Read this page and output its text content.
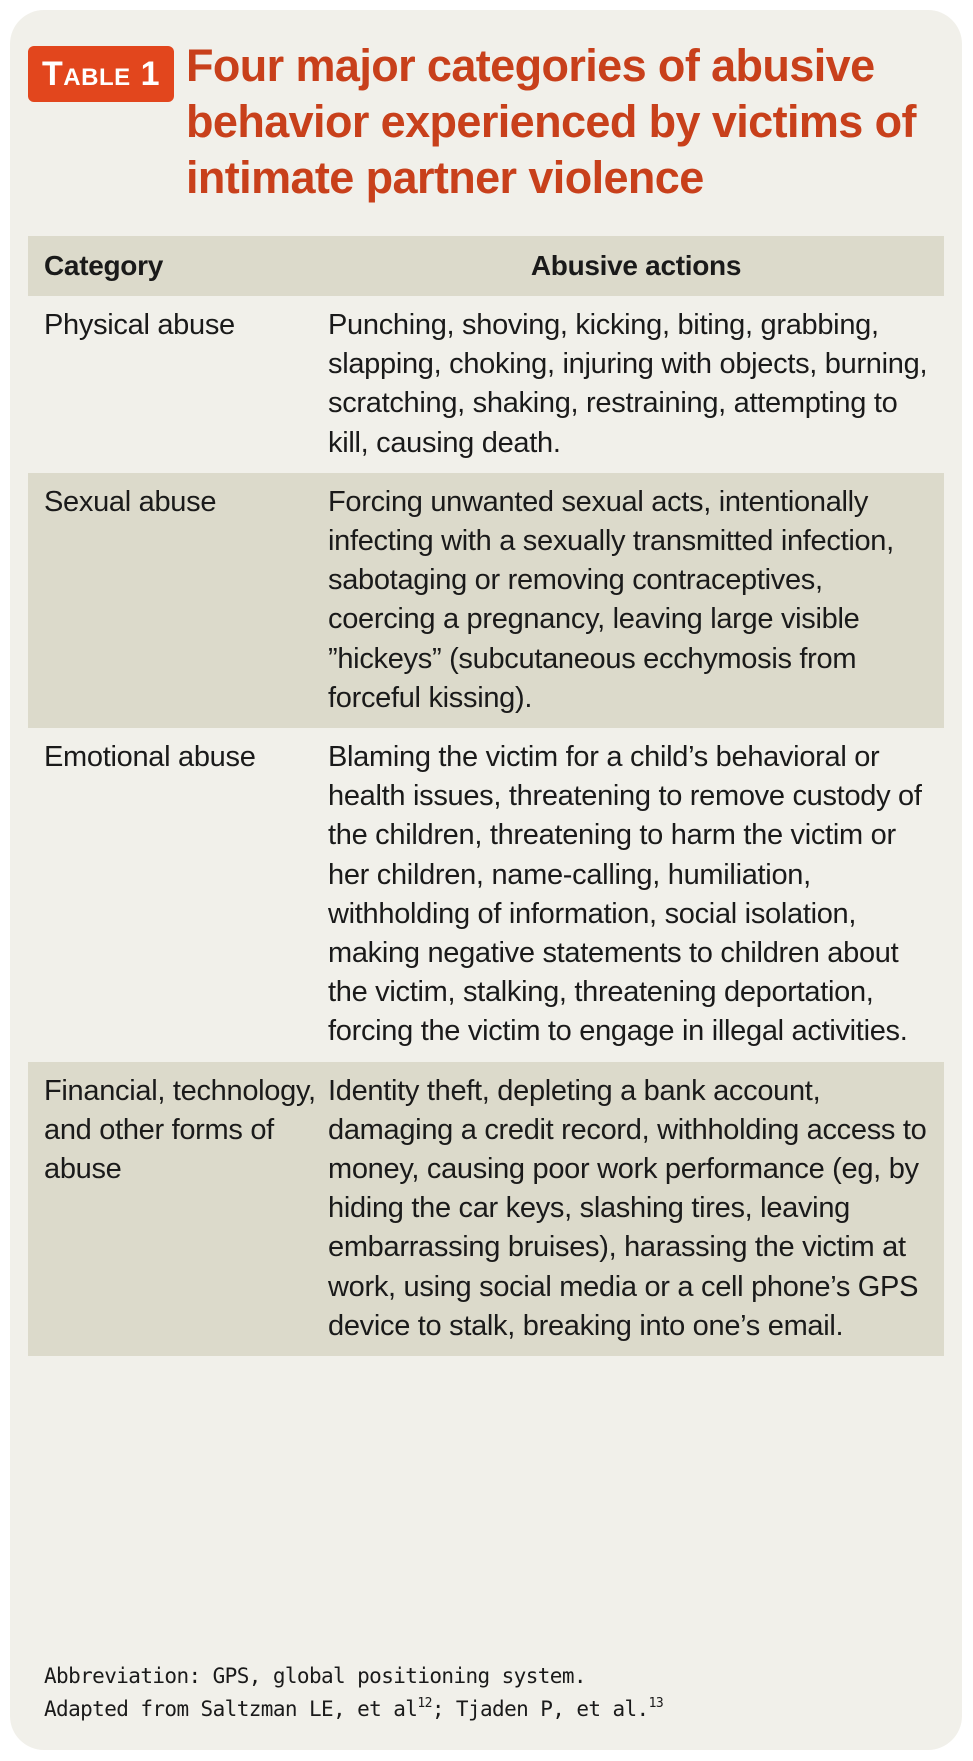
Table 1 Four major categories of abusive behavior experienced by victims of intimate partner violence
Category	Abusive actions
Physical abuse	Punching, shoving, kicking, biting, grabbing, slapping, choking, injuring with objects, burning, scratching, shaking, restraining, attempting to kill, causing death.
Sexual abuse	Forcing unwanted sexual acts, intentionally infecting with a sexually transmitted infection, sabotaging or removing contraceptives, coercing a pregnancy, leaving large visible ”hickeys” (subcutaneous ecchymosis from forceful kissing).
Emotional abuse	Blaming the victim for a child’s behavioral or health issues, threatening to remove custody of the children, threatening to harm the victim or her children, name-calling, humiliation, withholding of information, social isolation, making negative statements to children about the victim, stalking, threatening deportation, forcing the victim to engage in illegal activities.
Financial, technology, and other forms of abuse	Identity theft, depleting a bank account, damaging a credit record, withholding access to money, causing poor work performance (eg, by hiding the car keys, slashing tires, leaving embarrassing bruises), harassing the victim at work, using social media or a cell phone’s GPS device to stalk, breaking into one’s email.
Abbreviation: GPS, global positioning system.
Adapted from Saltzman LE, et $al^{12}$; Tjaden P, et al.$^{13}$
